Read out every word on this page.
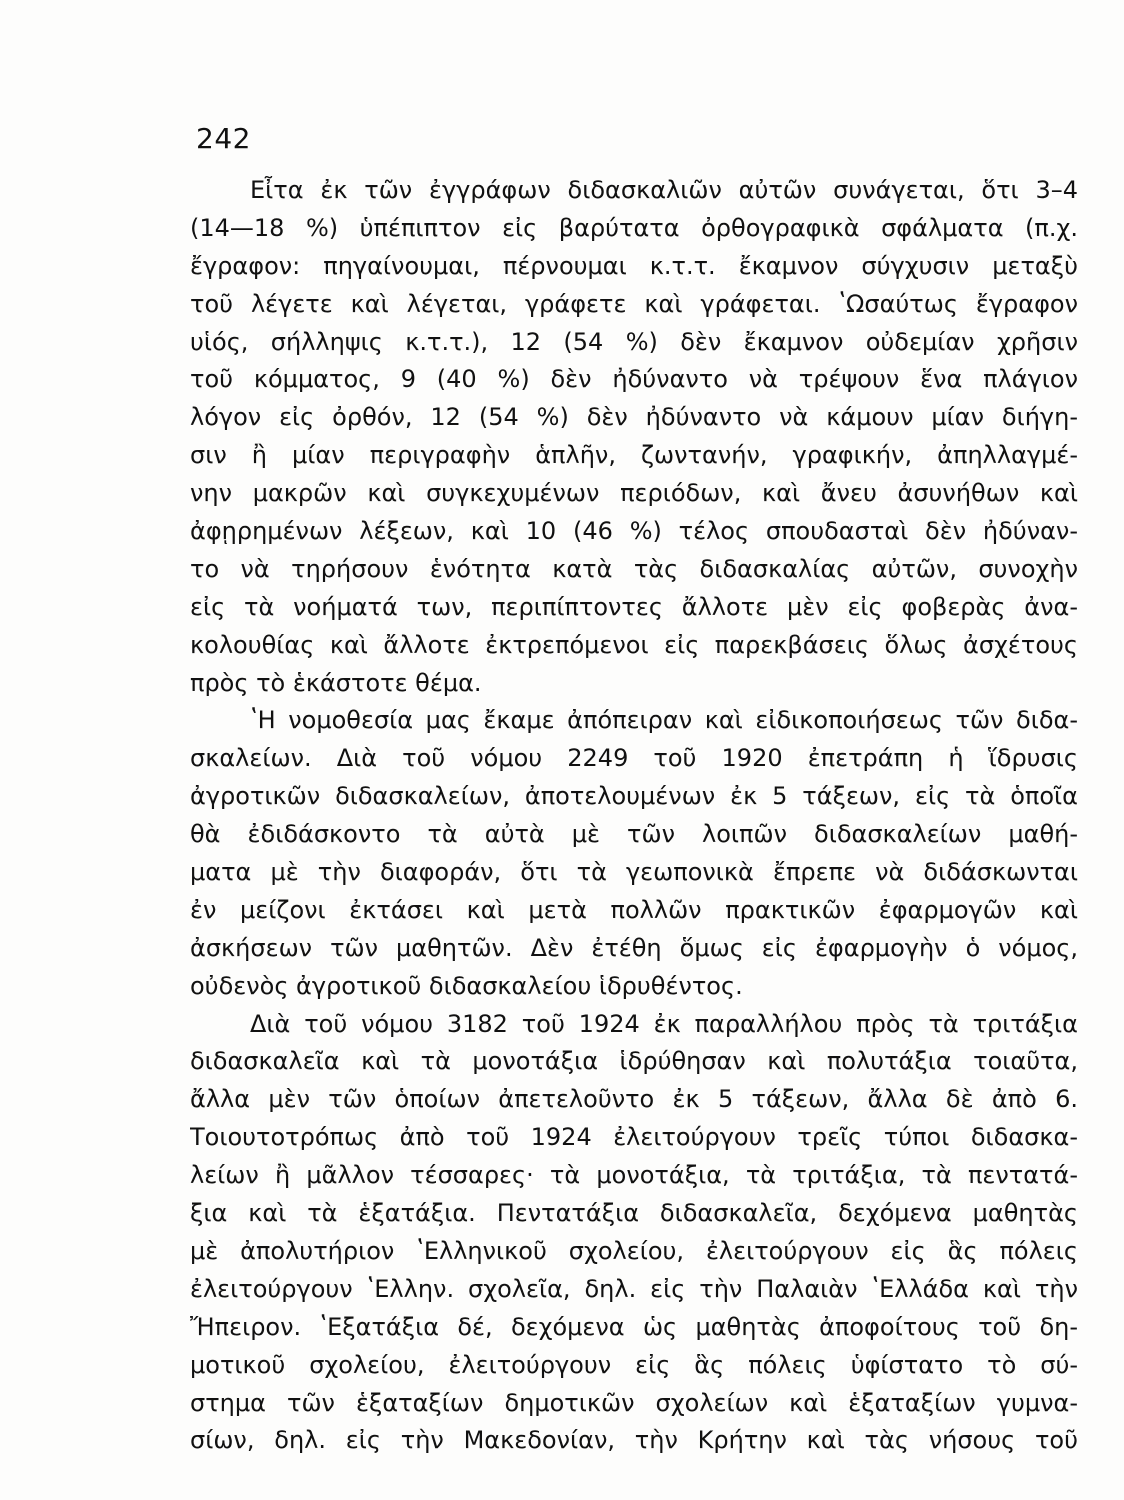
242
Εἶτα ἐκ τῶν ἐγγράφων διδασκαλιῶν αὐτῶν συνάγεται, ὅτι 3–4
(14—18 %) ὑπέπιπτον εἰς βαρύτατα ὀρθογραφικὰ σφάλματα (π.χ.
ἔγραφον: πηγαίνουμαι, πέρνουμαι κ.τ.τ. ἔκαμνον σύγχυσιν μεταξὺ
τοῦ λέγετε καὶ λέγεται, γράφετε καὶ γράφεται. ʽΩσαύτως ἔγραφον
υἱός, σήλληψις κ.τ.τ.), 12 (54 %) δὲν ἔκαμνον οὐδεμίαν χρῆσιν
τοῦ κόμματος, 9 (40 %) δὲν ἠδύναντο νὰ τρέψουν ἕνα πλάγιον
λόγον εἰς ὀρθόν, 12 (54 %) δὲν ἠδύναντο νὰ κάμουν μίαν διήγη-
σιν ἢ μίαν περιγραφὴν ἁπλῆν, ζωντανήν, γραφικήν, ἀπηλλαγμέ-
νην μακρῶν καὶ συγκεχυμένων περιόδων, καὶ ἄνευ ἀσυνήθων καὶ
ἀφῃρημένων λέξεων, καὶ 10 (46 %) τέλος σπουδασταὶ δὲν ἠδύναν-
το νὰ τηρήσουν ἑνότητα κατὰ τὰς διδασκαλίας αὐτῶν, συνοχὴν
εἰς τὰ νοήματά των, περιπίπτοντες ἄλλοτε μὲν εἰς φοβερὰς ἀνα-
κολουθίας καὶ ἄλλοτε ἐκτρεπόμενοι εἰς παρεκβάσεις ὅλως ἀσχέτους
πρὸς τὸ ἑκάστοτε θέμα.
ʽΗ νομοθεσία μας ἔκαμε ἀπόπειραν καὶ εἰδικοποιήσεως τῶν διδα-
σκαλείων. Διὰ τοῦ νόμου 2249 τοῦ 1920 ἐπετράπη ἡ ἵδρυσις
ἀγροτικῶν διδασκαλείων, ἀποτελουμένων ἐκ 5 τάξεων, εἰς τὰ ὁποῖα
θὰ ἐδιδάσκοντο τὰ αὐτὰ μὲ τῶν λοιπῶν διδασκαλείων μαθή-
ματα μὲ τὴν διαφοράν, ὅτι τὰ γεωπονικὰ ἔπρεπε νὰ διδάσκωνται
ἐν μείζονι ἐκτάσει καὶ μετὰ πολλῶν πρακτικῶν ἐφαρμογῶν καὶ
ἀσκήσεων τῶν μαθητῶν. Δὲν ἐτέθη ὅμως εἰς ἐφαρμογὴν ὁ νόμος,
οὐδενὸς ἀγροτικοῦ διδασκαλείου ἱδρυθέντος.
Διὰ τοῦ νόμου 3182 τοῦ 1924 ἐκ παραλλήλου πρὸς τὰ τριτάξια
διδασκαλεῖα καὶ τὰ μονοτάξια ἱδρύθησαν καὶ πολυτάξια τοιαῦτα,
ἄλλα μὲν τῶν ὁποίων ἀπετελοῦντο ἐκ 5 τάξεων, ἄλλα δὲ ἀπὸ 6.
Τοιουτοτρόπως ἀπὸ τοῦ 1924 ἐλειτούργουν τρεῖς τύποι διδασκα-
λείων ἢ μᾶλλον τέσσαρες· τὰ μονοτάξια, τὰ τριτάξια, τὰ πεντατά-
ξια καὶ τὰ ἑξατάξια. Πεντατάξια διδασκαλεῖα, δεχόμενα μαθητὰς
μὲ ἀπολυτήριον ʽΕλληνικοῦ σχολείου, ἐλειτούργουν εἰς ἃς πόλεις
ἐλειτούργουν ʽΕλλην. σχολεῖα, δηλ. εἰς τὴν Παλαιὰν ʽΕλλάδα καὶ τὴν
Ἤπειρον. ʽΕξατάξια δέ, δεχόμενα ὡς μαθητὰς ἀποφοίτους τοῦ δη-
μοτικοῦ σχολείου, ἐλειτούργουν εἰς ἃς πόλεις ὑφίστατο τὸ σύ-
στημα τῶν ἑξαταξίων δημοτικῶν σχολείων καὶ ἑξαταξίων γυμνα-
σίων, δηλ. εἰς τὴν Μακεδονίαν, τὴν Κρήτην καὶ τὰς νήσους τοῦ
